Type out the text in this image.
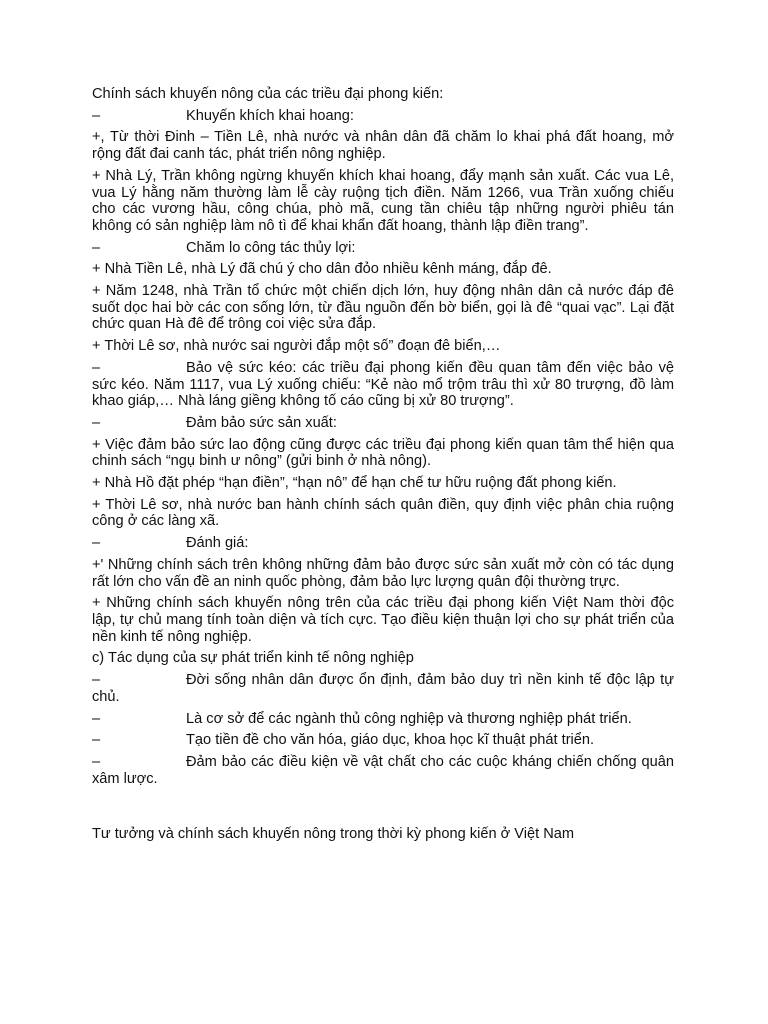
Chính sách khuyến nông của các triều đại phong kiến:

–	Khuyến khích khai hoang:

+, Từ thời Đinh – Tiền Lê, nhà nước và nhân dân đã chăm lo khai phá đất hoang, mở rộng đất đai canh tác, phát triển nông nghiệp.

+ Nhà Lý, Trần không ngừng khuyến khích khai hoang, đẩy mạnh sản xuất. Các vua Lê, vua Lý hằng năm thường làm lễ cày ruộng tịch điền. Năm 1266, vua Trần xuống chiếu cho các vương hầu, công chúa, phò mã, cung tần chiêu tập những người phiêu tán không có sản nghiệp làm nô tì để khai khẩn đất hoang, thành lập điền trang”.

–	Chăm lo công tác thủy lợi:

+ Nhà Tiền Lê, nhà Lý đã chú ý cho dân đỏo nhiều kênh máng, đắp đê.

+ Năm 1248, nhà Trần tổ chức một chiến dịch lớn, huy động nhân dân cả nước đáp đê suốt dọc hai bờ các con sống lớn, từ đầu nguồn đến bờ biển, gọi là đê “quai vạc”. Lại đặt chức quan Hà đê để trông coi việc sửa đắp.

+ Thời Lê sơ, nhà nước sai người đắp một số” đoạn đê biển,…

–	Bảo vệ sức kéo: các triều đại phong kiến đều quan tâm đến việc bảo vệ sức kéo. Năm 1117, vua Lý xuống chiếu: “Kẻ nào mổ trộm trâu thì xử 80 trượng, đồ làm khao giáp,… Nhà láng giềng không tố cáo cũng bị xử 80 trượng”.

–	Đảm bảo sức sản xuất:

+ Việc đảm bảo sức lao động cũng được các triều đại phong kiến quan tâm thể hiện qua chinh sách “ngụ binh ư nông” (gửi binh ở nhà nông).

+ Nhà Hồ đặt phép “hạn điền”, “hạn nô” để hạn chế tư hữu ruộng đất phong kiến.

+ Thời Lê sơ, nhà nước ban hành chính sách quân điền, quy định việc phân chia ruộng công ở các làng xã.

–	Đánh giá:

+' Những chính sách trên không những đảm bảo được sức sản xuất mở còn có tác dụng rất lớn cho vấn đề an ninh quốc phòng, đảm bảo lực lượng quân đội thường trực.

+ Những chính sách khuyến nông trên của các triều đại phong kiến Việt Nam thời độc lập, tự chủ mang tính toàn diện và tích cực. Tạo điều kiện thuận lợi cho sự phát triển của nền kinh tế nông nghiệp.

c) Tác dụng của sự phát triển kinh tế nông nghiệp

–	Đời sống nhân dân được ổn định, đảm bảo duy trì nền kinh tế độc lập tự chủ.

–	Là cơ sở để các ngành thủ công nghiệp và thương nghiệp phát triển.

–	Tạo tiền đề cho văn hóa, giáo dục, khoa học kĩ thuật phát triển.

–	Đảm bảo các điều kiện về vật chất cho các cuộc kháng chiến chống quân xâm lược.

Tư tưởng và chính sách khuyến nông trong thời kỳ phong kiến ở Việt Nam
